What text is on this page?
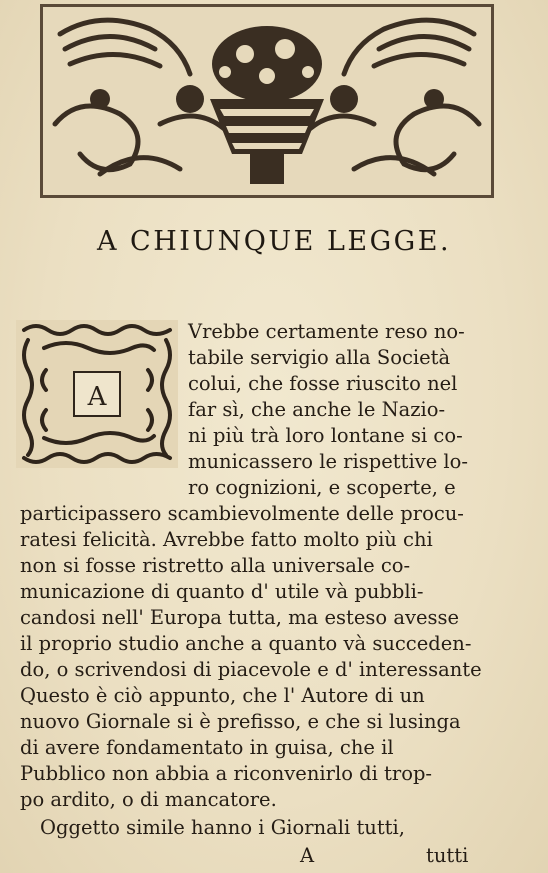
A CHIUNQUE LEGGE.
A
Vrebbe certamente reso no-
tabile servigio alla Società
colui, che fosse riuscito nel
far sì, che anche le Nazio-
ni più trà loro lontane si co-
municassero le rispettive lo-
ro cognizioni, e scoperte, e
participassero scambievolmente delle procu-
ratesi felicità. Avrebbe fatto molto più chi
non si fosse ristretto alla universale co-
municazione di quanto d' utile và pubbli-
candosi nell' Europa tutta, ma esteso avesse
il proprio studio anche a quanto và succeden-
do, o scrivendosi di piacevole e d' interessante
Questo è ciò appunto, che l' Autore di un
nuovo Giornale si è prefisso, e che si lusinga
di avere fondamentato in guisa, che il
Pubblico non abbia a riconvenirlo di trop-
po ardito, o di mancatore.
Oggetto simile hanno i Giornali tutti,
A	tutti
